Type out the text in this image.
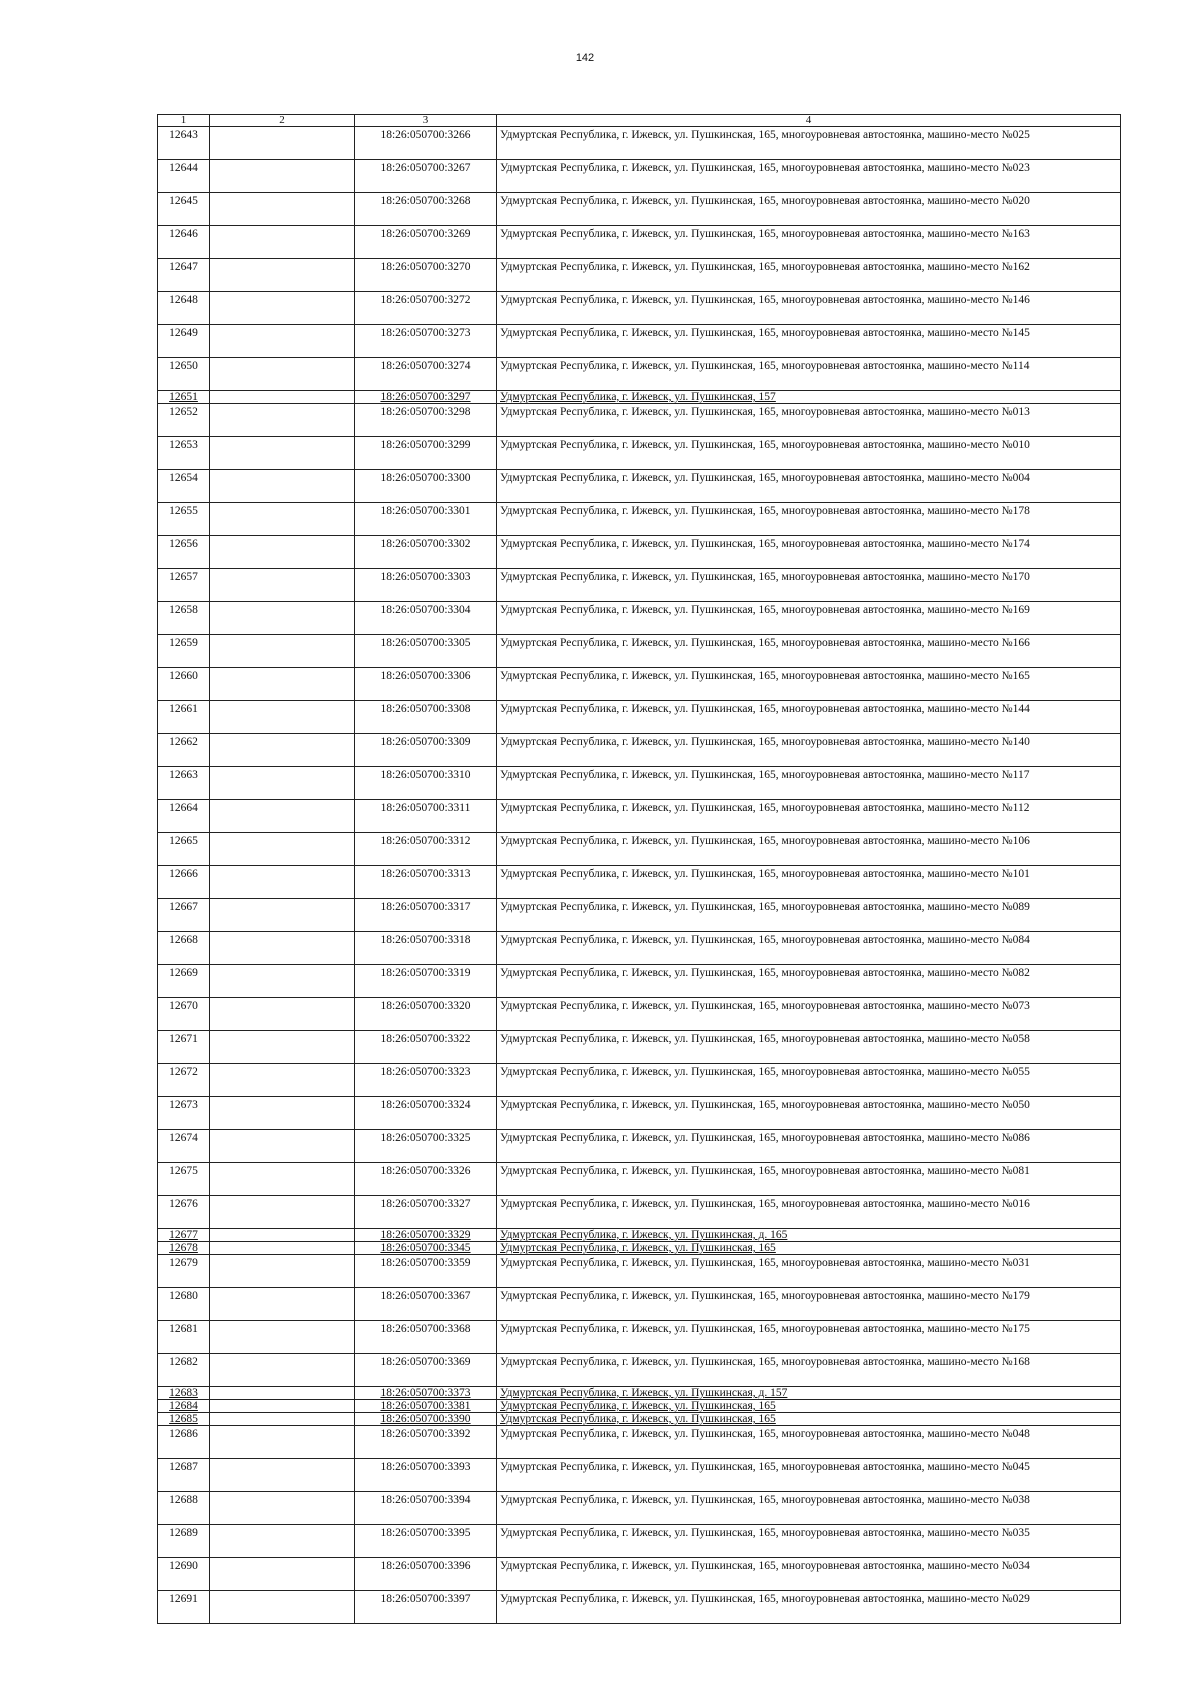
142
1	2	3	4
12643		18:26:050700:3266	Удмуртская Республика, г. Ижевск, ул. Пушкинская, 165, многоуровневая автостоянка, машино-место №025
12644		18:26:050700:3267	Удмуртская Республика, г. Ижевск, ул. Пушкинская, 165, многоуровневая автостоянка, машино-место №023
12645		18:26:050700:3268	Удмуртская Республика, г. Ижевск, ул. Пушкинская, 165, многоуровневая автостоянка, машино-место №020
12646		18:26:050700:3269	Удмуртская Республика, г. Ижевск, ул. Пушкинская, 165, многоуровневая автостоянка, машино-место №163
12647		18:26:050700:3270	Удмуртская Республика, г. Ижевск, ул. Пушкинская, 165, многоуровневая автостоянка, машино-место №162
12648		18:26:050700:3272	Удмуртская Республика, г. Ижевск, ул. Пушкинская, 165, многоуровневая автостоянка, машино-место №146
12649		18:26:050700:3273	Удмуртская Республика, г. Ижевск, ул. Пушкинская, 165, многоуровневая автостоянка, машино-место №145
12650		18:26:050700:3274	Удмуртская Республика, г. Ижевск, ул. Пушкинская, 165, многоуровневая автостоянка, машино-место №114
12651		18:26:050700:3297	Удмуртская Республика, г. Ижевск, ул. Пушкинская, 157
12652		18:26:050700:3298	Удмуртская Республика, г. Ижевск, ул. Пушкинская, 165, многоуровневая автостоянка, машино-место №013
12653		18:26:050700:3299	Удмуртская Республика, г. Ижевск, ул. Пушкинская, 165, многоуровневая автостоянка, машино-место №010
12654		18:26:050700:3300	Удмуртская Республика, г. Ижевск, ул. Пушкинская, 165, многоуровневая автостоянка, машино-место №004
12655		18:26:050700:3301	Удмуртская Республика, г. Ижевск, ул. Пушкинская, 165, многоуровневая автостоянка, машино-место №178
12656		18:26:050700:3302	Удмуртская Республика, г. Ижевск, ул. Пушкинская, 165, многоуровневая автостоянка, машино-место №174
12657		18:26:050700:3303	Удмуртская Республика, г. Ижевск, ул. Пушкинская, 165, многоуровневая автостоянка, машино-место №170
12658		18:26:050700:3304	Удмуртская Республика, г. Ижевск, ул. Пушкинская, 165, многоуровневая автостоянка, машино-место №169
12659		18:26:050700:3305	Удмуртская Республика, г. Ижевск, ул. Пушкинская, 165, многоуровневая автостоянка, машино-место №166
12660		18:26:050700:3306	Удмуртская Республика, г. Ижевск, ул. Пушкинская, 165, многоуровневая автостоянка, машино-место №165
12661		18:26:050700:3308	Удмуртская Республика, г. Ижевск, ул. Пушкинская, 165, многоуровневая автостоянка, машино-место №144
12662		18:26:050700:3309	Удмуртская Республика, г. Ижевск, ул. Пушкинская, 165, многоуровневая автостоянка, машино-место №140
12663		18:26:050700:3310	Удмуртская Республика, г. Ижевск, ул. Пушкинская, 165, многоуровневая автостоянка, машино-место №117
12664		18:26:050700:3311	Удмуртская Республика, г. Ижевск, ул. Пушкинская, 165, многоуровневая автостоянка, машино-место №112
12665		18:26:050700:3312	Удмуртская Республика, г. Ижевск, ул. Пушкинская, 165, многоуровневая автостоянка, машино-место №106
12666		18:26:050700:3313	Удмуртская Республика, г. Ижевск, ул. Пушкинская, 165, многоуровневая автостоянка, машино-место №101
12667		18:26:050700:3317	Удмуртская Республика, г. Ижевск, ул. Пушкинская, 165, многоуровневая автостоянка, машино-место №089
12668		18:26:050700:3318	Удмуртская Республика, г. Ижевск, ул. Пушкинская, 165, многоуровневая автостоянка, машино-место №084
12669		18:26:050700:3319	Удмуртская Республика, г. Ижевск, ул. Пушкинская, 165, многоуровневая автостоянка, машино-место №082
12670		18:26:050700:3320	Удмуртская Республика, г. Ижевск, ул. Пушкинская, 165, многоуровневая автостоянка, машино-место №073
12671		18:26:050700:3322	Удмуртская Республика, г. Ижевск, ул. Пушкинская, 165, многоуровневая автостоянка, машино-место №058
12672		18:26:050700:3323	Удмуртская Республика, г. Ижевск, ул. Пушкинская, 165, многоуровневая автостоянка, машино-место №055
12673		18:26:050700:3324	Удмуртская Республика, г. Ижевск, ул. Пушкинская, 165, многоуровневая автостоянка, машино-место №050
12674		18:26:050700:3325	Удмуртская Республика, г. Ижевск, ул. Пушкинская, 165, многоуровневая автостоянка, машино-место №086
12675		18:26:050700:3326	Удмуртская Республика, г. Ижевск, ул. Пушкинская, 165, многоуровневая автостоянка, машино-место №081
12676		18:26:050700:3327	Удмуртская Республика, г. Ижевск, ул. Пушкинская, 165, многоуровневая автостоянка, машино-место №016
12677		18:26:050700:3329	Удмуртская Республика, г. Ижевск, ул. Пушкинская, д. 165
12678		18:26:050700:3345	Удмуртская Республика, г. Ижевск, ул. Пушкинская, 165
12679		18:26:050700:3359	Удмуртская Республика, г. Ижевск, ул. Пушкинская, 165, многоуровневая автостоянка, машино-место №031
12680		18:26:050700:3367	Удмуртская Республика, г. Ижевск, ул. Пушкинская, 165, многоуровневая автостоянка, машино-место №179
12681		18:26:050700:3368	Удмуртская Республика, г. Ижевск, ул. Пушкинская, 165, многоуровневая автостоянка, машино-место №175
12682		18:26:050700:3369	Удмуртская Республика, г. Ижевск, ул. Пушкинская, 165, многоуровневая автостоянка, машино-место №168
12683		18:26:050700:3373	Удмуртская Республика, г. Ижевск, ул. Пушкинская, д. 157
12684		18:26:050700:3381	Удмуртская Республика, г. Ижевск, ул. Пушкинская, 165
12685		18:26:050700:3390	Удмуртская Республика, г. Ижевск, ул. Пушкинская, 165
12686		18:26:050700:3392	Удмуртская Республика, г. Ижевск, ул. Пушкинская, 165, многоуровневая автостоянка, машино-место №048
12687		18:26:050700:3393	Удмуртская Республика, г. Ижевск, ул. Пушкинская, 165, многоуровневая автостоянка, машино-место №045
12688		18:26:050700:3394	Удмуртская Республика, г. Ижевск, ул. Пушкинская, 165, многоуровневая автостоянка, машино-место №038
12689		18:26:050700:3395	Удмуртская Республика, г. Ижевск, ул. Пушкинская, 165, многоуровневая автостоянка, машино-место №035
12690		18:26:050700:3396	Удмуртская Республика, г. Ижевск, ул. Пушкинская, 165, многоуровневая автостоянка, машино-место №034
12691		18:26:050700:3397	Удмуртская Республика, г. Ижевск, ул. Пушкинская, 165, многоуровневая автостоянка, машино-место №029
